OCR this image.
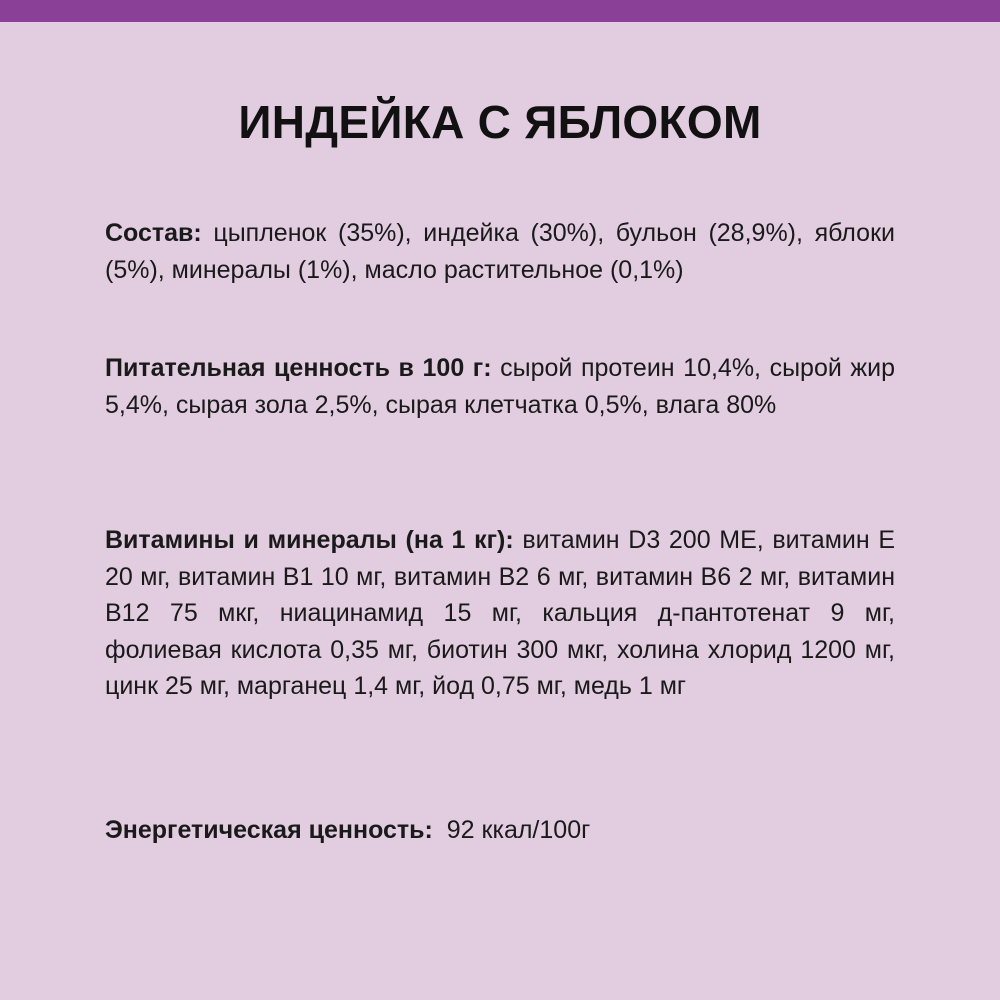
ИНДЕЙКА С ЯБЛОКОМ

Состав: цыпленок (35%), индейка (30%), бульон (28,9%), яблоки (5%), минералы (1%), масло растительное (0,1%)

Питательная ценность в 100 г: сырой протеин 10,4%, сырой жир 5,4%, сырая зола 2,5%, сырая клетчатка 0,5%, влага 80%

Витамины и минералы (на 1 кг): витамин D3 200 МЕ, витамин Е 20 мг, витамин В1 10 мг, витамин В2 6 мг, витамин В6 2 мг, витамин В12 75 мкг, ниацинамид 15 мг, кальция д-пантотенат 9 мг, фолиевая кислота 0,35 мг, биотин 300 мкг, холина хлорид 1200 мг, цинк 25 мг, марганец 1,4 мг, йод 0,75 мг, медь 1 мг

Энергетическая ценность: 92 ккал/100г
